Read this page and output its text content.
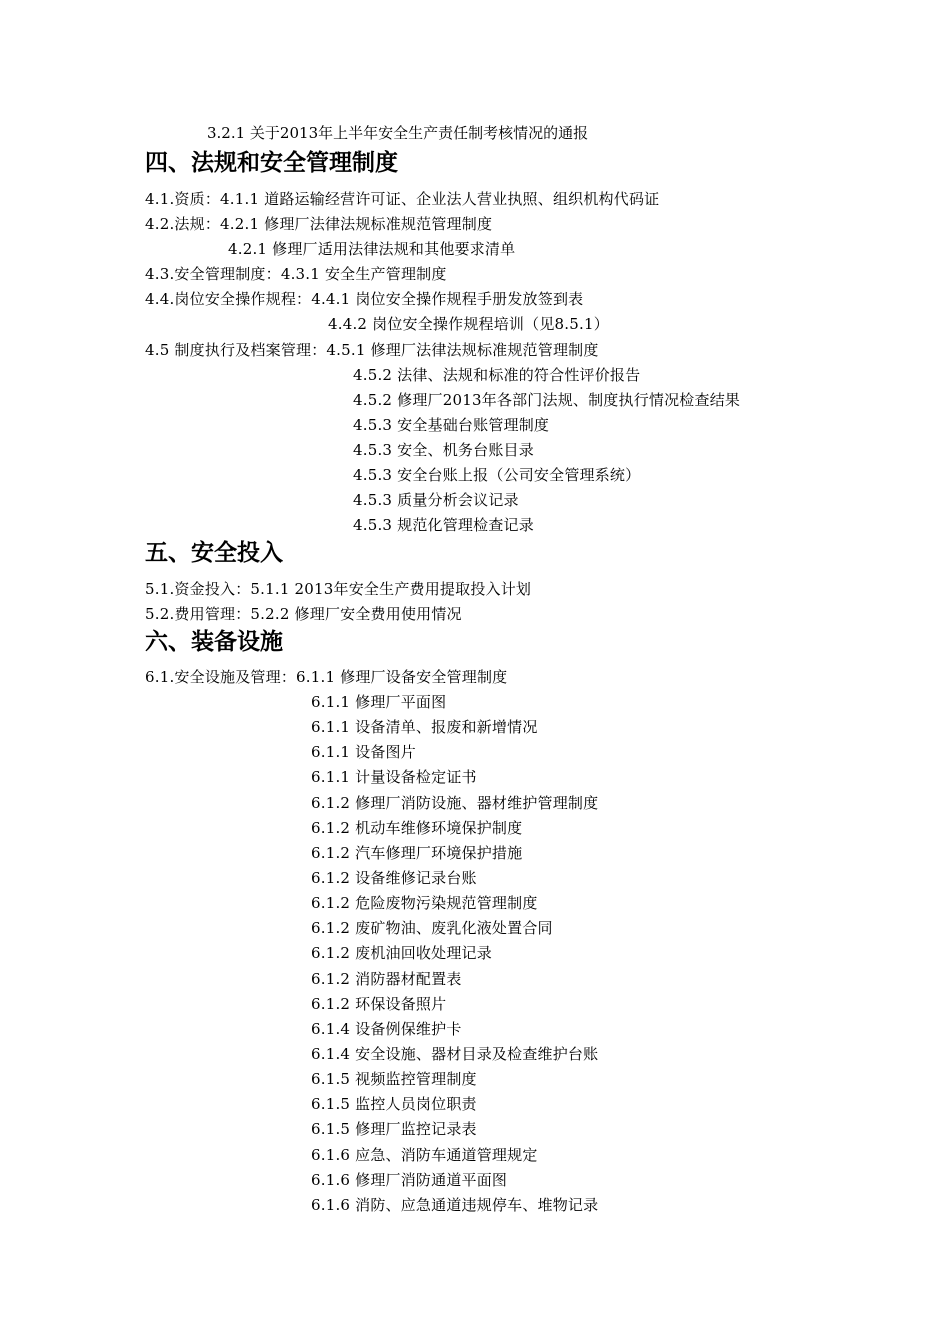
3.2.1 关于2013年上半年安全生产责任制考核情况的通报
四、法规和安全管理制度
4.1.资质：4.1.1 道路运输经营许可证、企业法人营业执照、组织机构代码证
4.2.法规：4.2.1 修理厂法律法规标准规范管理制度
4.2.1 修理厂适用法律法规和其他要求清单
4.3.安全管理制度：4.3.1 安全生产管理制度
4.4.岗位安全操作规程：4.4.1 岗位安全操作规程手册发放签到表
4.4.2 岗位安全操作规程培训（见8.5.1）
4.5 制度执行及档案管理：4.5.1 修理厂法律法规标准规范管理制度
4.5.2 法律、法规和标准的符合性评价报告
4.5.2 修理厂2013年各部门法规、制度执行情况检查结果
4.5.3 安全基础台账管理制度
4.5.3 安全、机务台账目录
4.5.3 安全台账上报（公司安全管理系统）
4.5.3 质量分析会议记录
4.5.3 规范化管理检查记录
五、安全投入
5.1.资金投入：5.1.1 2013年安全生产费用提取投入计划
5.2.费用管理：5.2.2 修理厂安全费用使用情况
六、装备设施
6.1.安全设施及管理：6.1.1 修理厂设备安全管理制度
6.1.1 修理厂平面图
6.1.1 设备清单、报废和新增情况
6.1.1 设备图片
6.1.1 计量设备检定证书
6.1.2 修理厂消防设施、器材维护管理制度
6.1.2 机动车维修环境保护制度
6.1.2 汽车修理厂环境保护措施
6.1.2 设备维修记录台账
6.1.2 危险废物污染规范管理制度
6.1.2 废矿物油、废乳化液处置合同
6.1.2 废机油回收处理记录
6.1.2 消防器材配置表
6.1.2 环保设备照片
6.1.4 设备例保维护卡
6.1.4 安全设施、器材目录及检查维护台账
6.1.5 视频监控管理制度
6.1.5 监控人员岗位职责
6.1.5 修理厂监控记录表
6.1.6 应急、消防车通道管理规定
6.1.6 修理厂消防通道平面图
6.1.6 消防、应急通道违规停车、堆物记录
